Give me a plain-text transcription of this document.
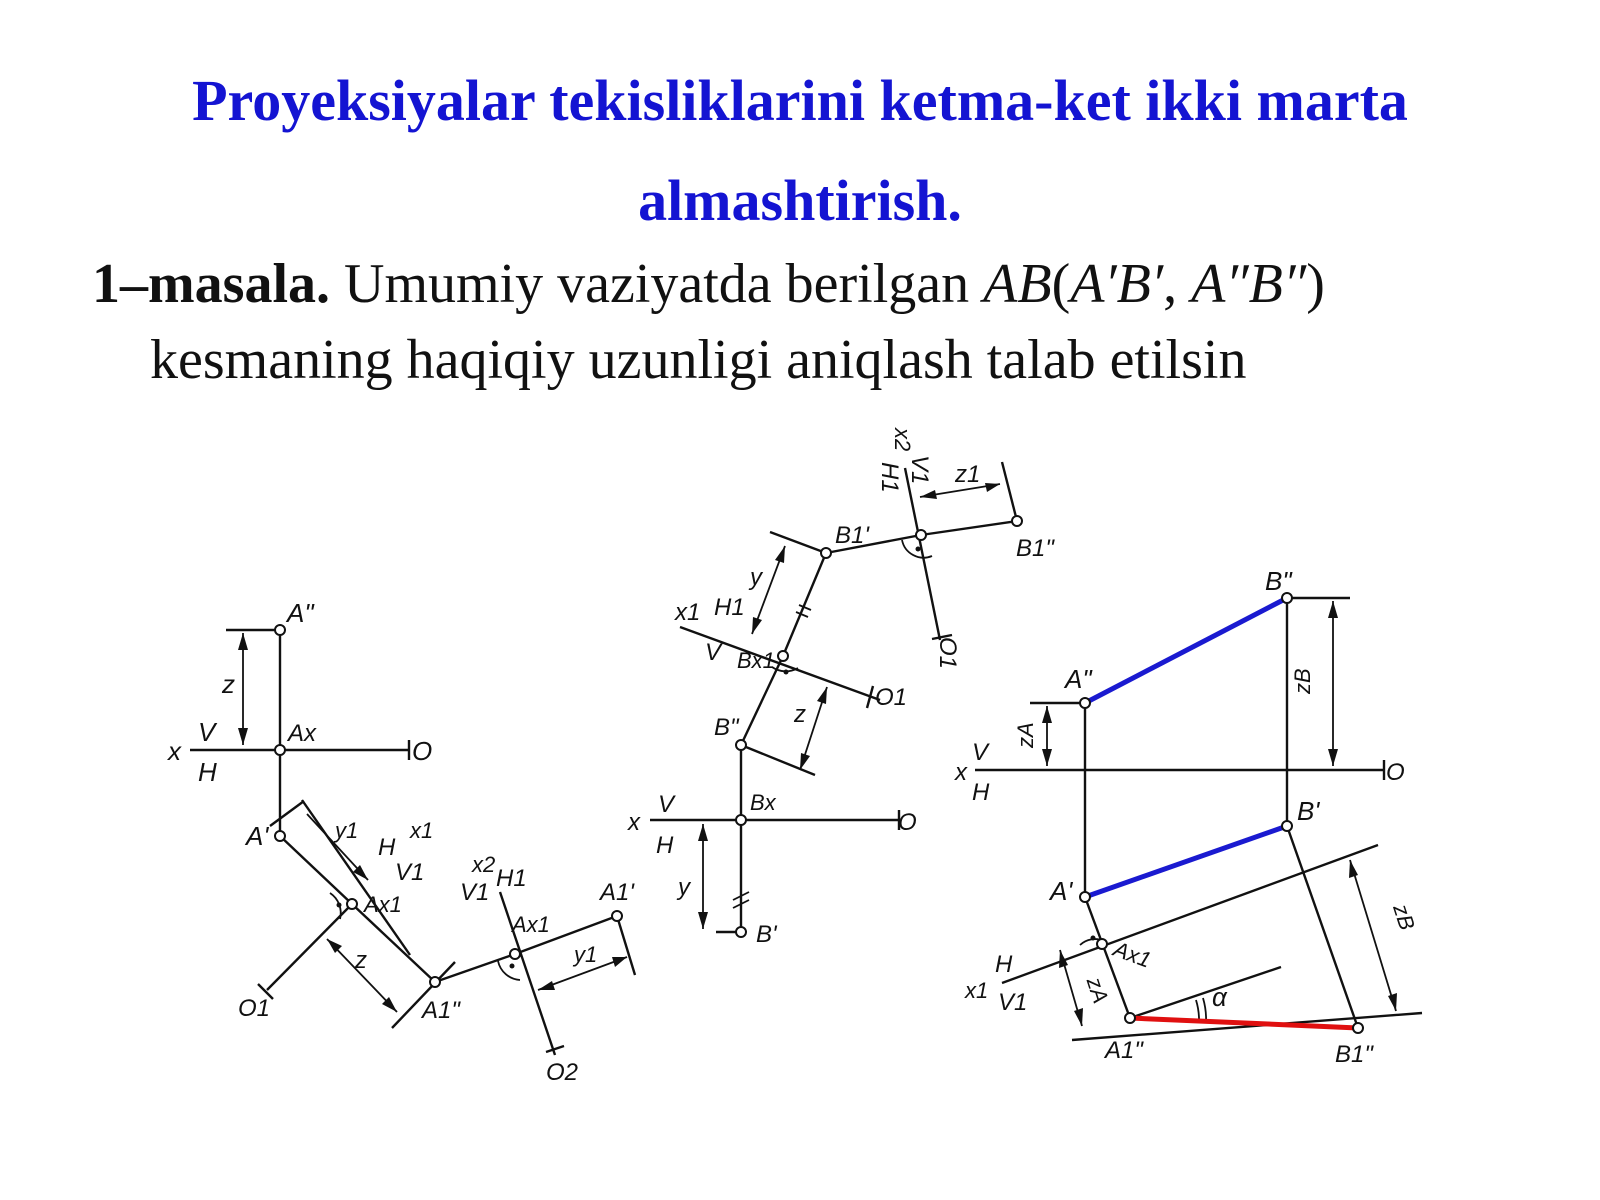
Proyeksiyalar tekisliklarini ketma-ket ikki marta
almashtirish.

1–masala. Umumiy vaziyatda berilgan AB(A′B′, A″B″)

kesmaning haqiqiy uzunligi aniqlash talab etilsin

A"
z
x
V
H
Ax
O
A'	y1
H
x1
V1
Ax1
z
O1	A1"
x2
H1
V1
Ax1
A1'
y1
O2
x2
H1 V1 z1
B1'	B1"
y
x1 H1
V Bx1
O1
O1
z
B"
x
V
H
Bx
O
y
B'
B"
A"	zB
zA
x
V
H
O
B'
A'
zB
Ax1
H
x1 V1 zA	α
A1"	B1"
